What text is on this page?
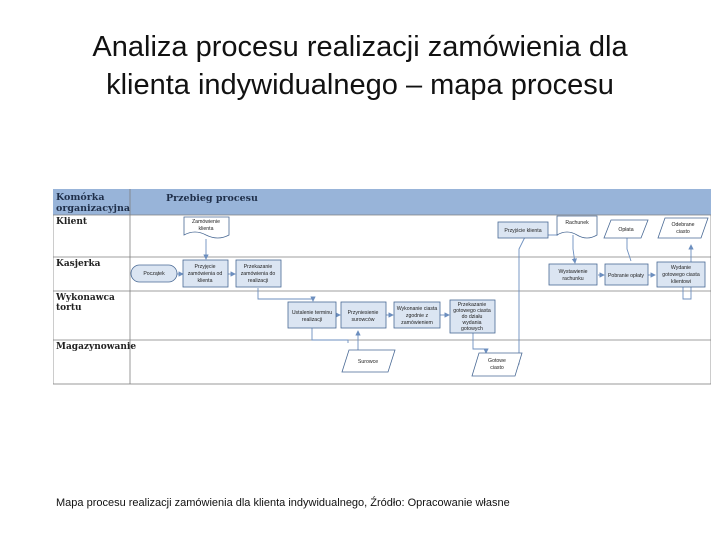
Analiza procesu realizacji zamówienia dla
klienta indywidualnego – mapa procesu
Komórka
organizacyjna
Przebieg procesu
Klient
Kasjerka
Wykonawca
tortu
Magazynowanie
Zamówienie
klienta	Przyjście klienta
Rachunek
Opłata
Odebrane
ciasto
Początek
Przyjęcie
zamówienia od
klienta
Przekazanie
zamówienia do
realizacji
Wystawienie
rachunku	Pobranie opłaty
Wydanie
gotowego ciasta
klientowi
Ustalenie terminu
realizacji
Przyniesienie
surowców
Wykonanie ciasta
zgodnie z
zamówieniem
Przekazanie
gotowego ciasta
do działu
wydania
gotowych
Surowce	Gotowe
ciasto
Mapa procesu realizacji zamówienia dla klienta indywidualnego, Źródło: Opracowanie własne
